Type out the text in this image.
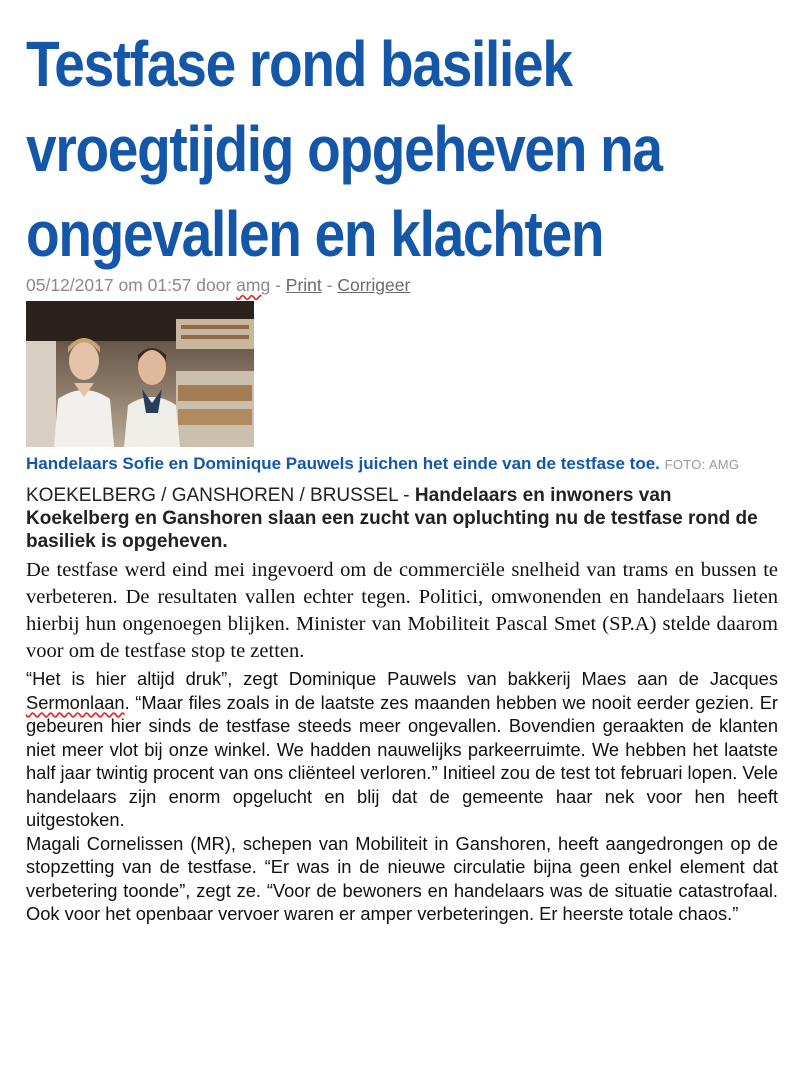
Testfase rond basiliek vroegtijdig opgeheven na ongevallen en klachten
05/12/2017 om 01:57 door amg - Print - Corrigeer
Handelaars Sofie en Dominique Pauwels juichen het einde van de testfase toe. FOTO: AMG
KOEKELBERG / GANSHOREN / BRUSSEL - Handelaars en inwoners van Koekelberg en Ganshoren slaan een zucht van opluchting nu de testfase rond de basiliek is opgeheven.

De testfase werd eind mei ingevoerd om de commerciële snelheid van trams en bussen te verbeteren. De resultaten vallen echter tegen. Politici, omwonenden en handelaars lieten hierbij hun ongenoegen blijken. Minister van Mobiliteit Pascal Smet (SP.A) stelde daarom voor om de testfase stop te zetten.

“Het is hier altijd druk”, zegt Dominique Pauwels van bakkerij Maes aan de Jacques Sermonlaan. “Maar files zoals in de laatste zes maanden hebben we nooit eerder gezien. Er gebeuren hier sinds de testfase steeds meer ongevallen. Bovendien geraakten de klanten niet meer vlot bij onze winkel. We hadden nauwelijks parkeerruimte. We hebben het laatste half jaar twintig procent van ons cliënteel verloren.” Initieel zou de test tot februari lopen. Vele handelaars zijn enorm opgelucht en blij dat de gemeente haar nek voor hen heeft uitgestoken.

Magali Cornelissen (MR), schepen van Mobiliteit in Ganshoren, heeft aangedrongen op de stopzetting van de testfase. “Er was in de nieuwe circulatie bijna geen enkel element dat verbetering toonde”, zegt ze. “Voor de bewoners en handelaars was de situatie catastrofaal. Ook voor het openbaar vervoer waren er amper verbeteringen. Er heerste totale chaos.”
